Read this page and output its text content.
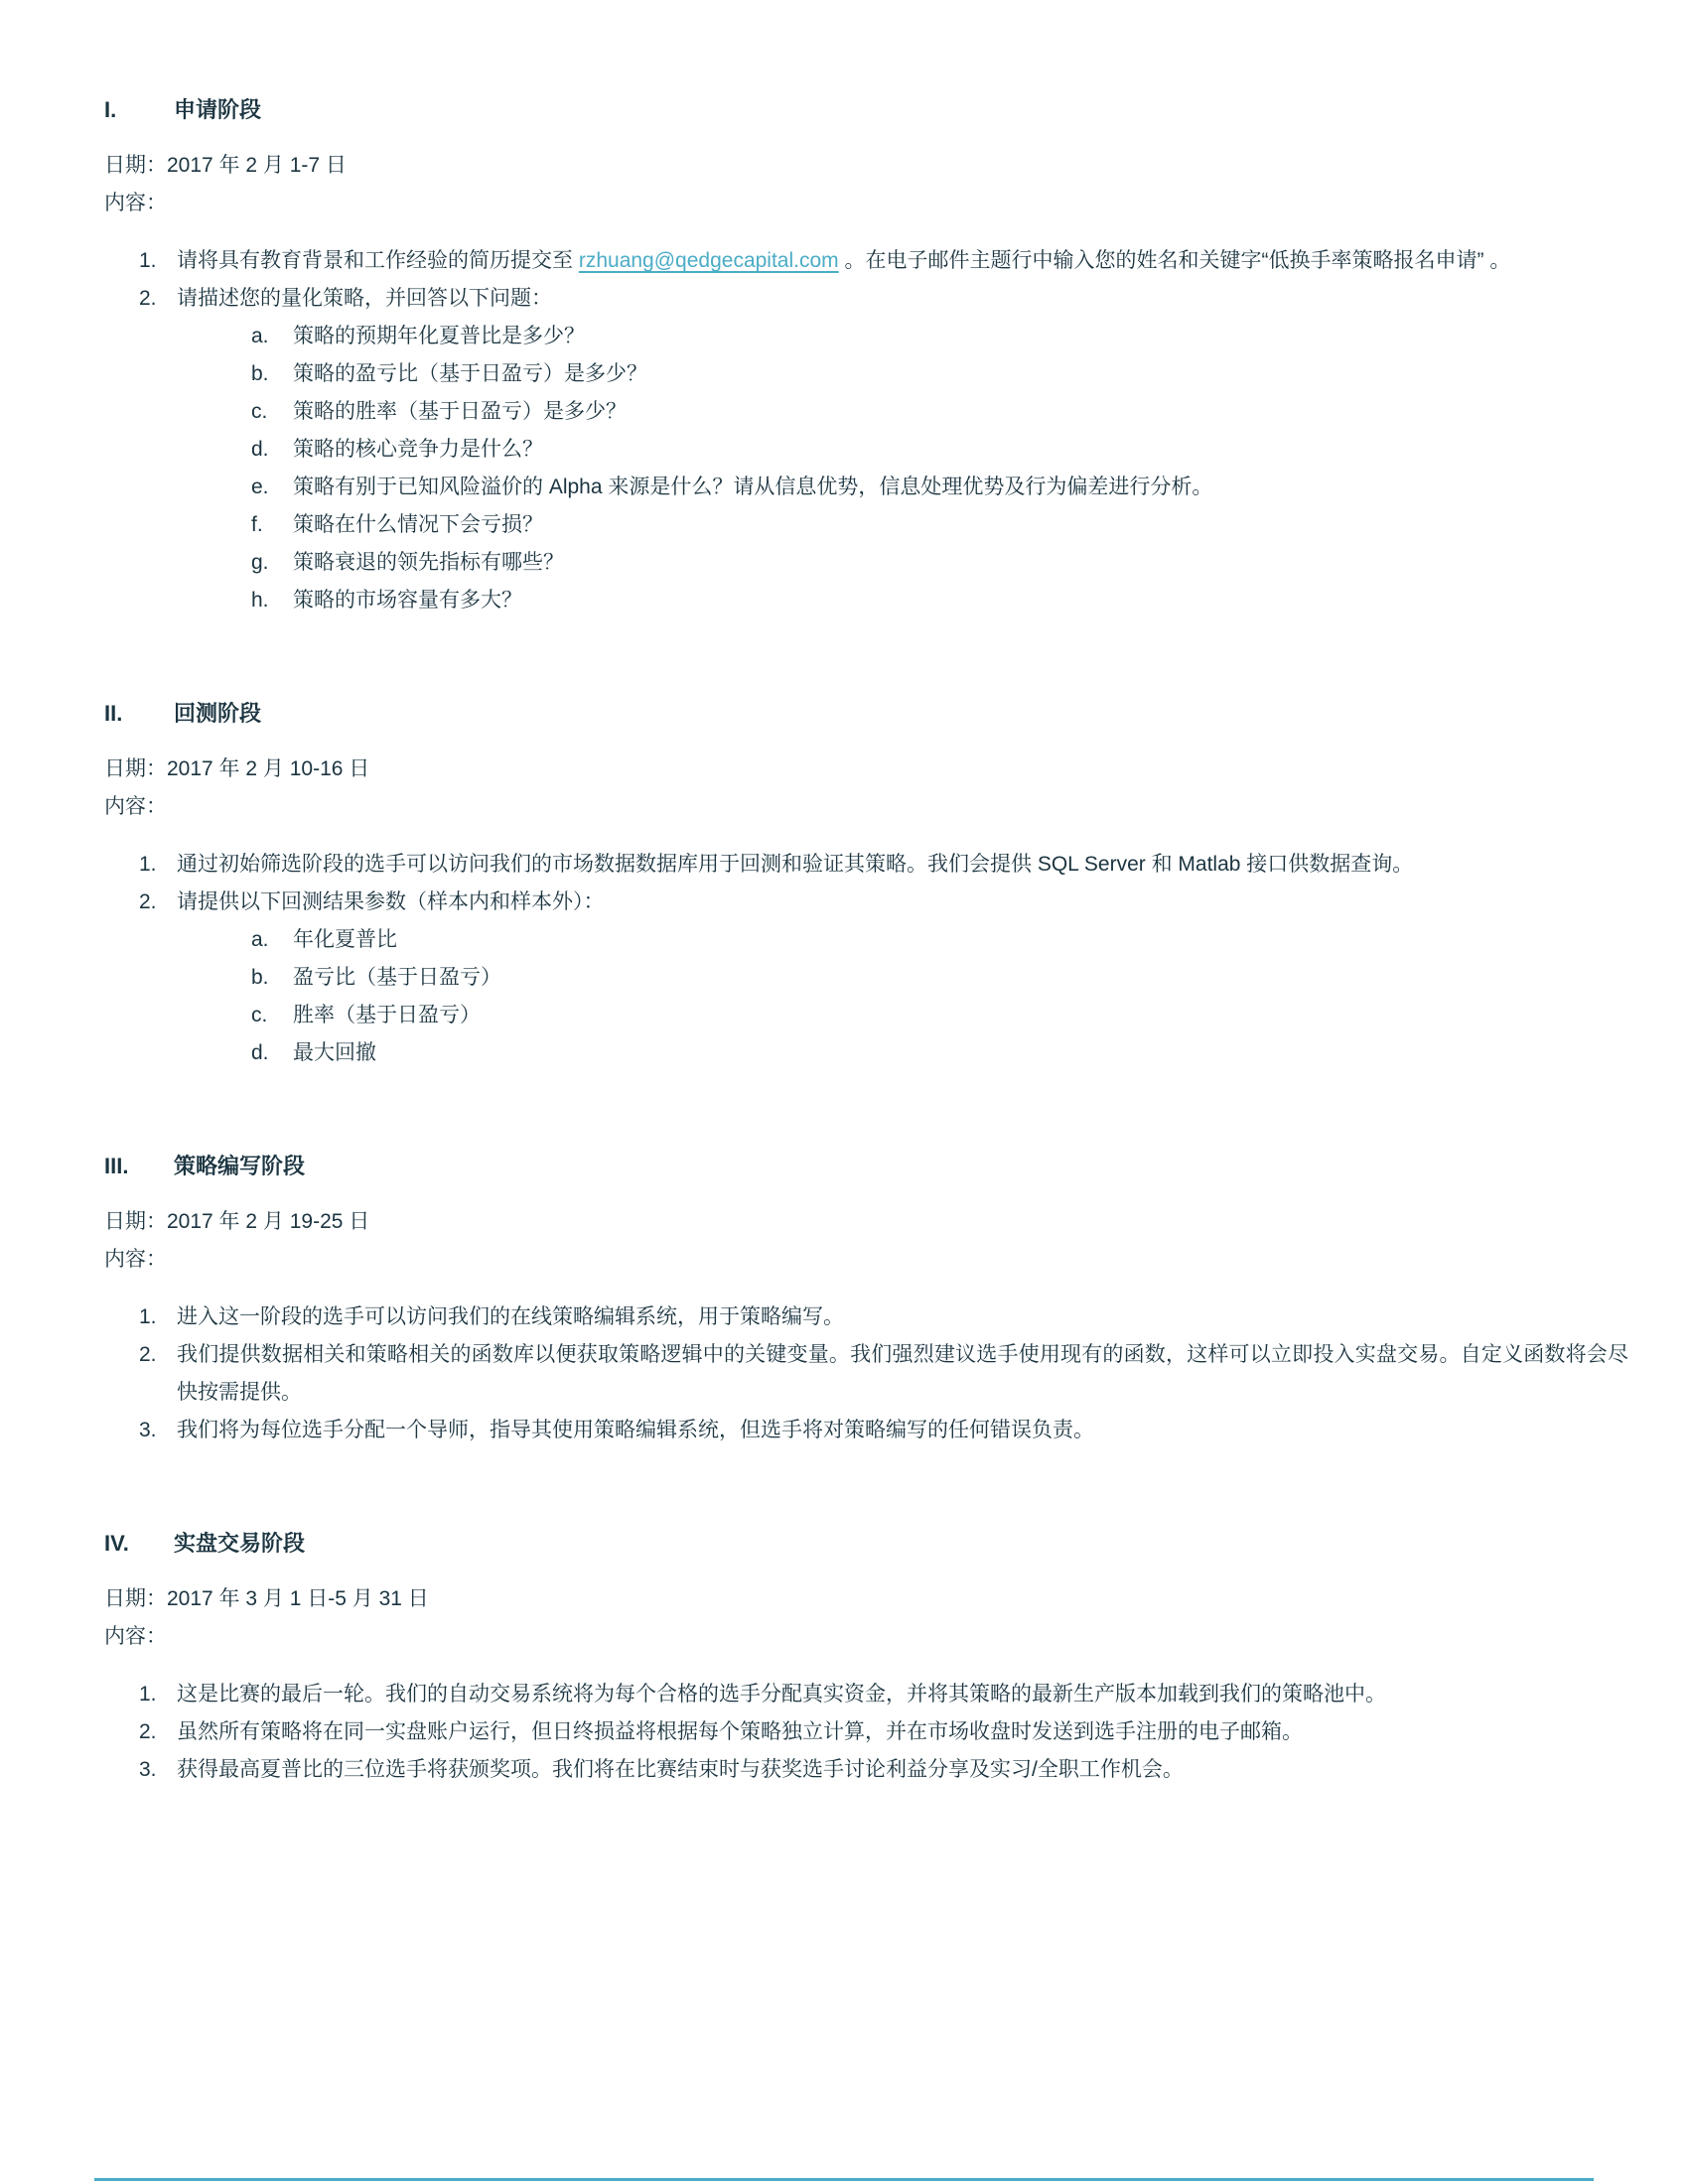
I.	申请阶段

日期：2017 年 2 月 1-7 日

内容：

1. 请将具有教育背景和工作经验的简历提交至 rzhuang@qedgecapital.com 。在电子邮件主题行中输入您的姓名和关键字“低换手率策略报名申请” 。
2. 请描述您的量化策略，并回答以下问题：
a. 策略的预期年化夏普比是多少？
b. 策略的盈亏比（基于日盈亏）是多少？
c. 策略的胜率（基于日盈亏）是多少？
d. 策略的核心竞争力是什么？
e. 策略有别于已知风险溢价的 Alpha 来源是什么？请从信息优势，信息处理优势及行为偏差进行分析。
f. 策略在什么情况下会亏损？
g. 策略衰退的领先指标有哪些？
h. 策略的市场容量有多大？
II. 回测阶段

日期：2017 年 2 月 10-16 日

内容：

1. 通过初始筛选阶段的选手可以访问我们的市场数据数据库用于回测和验证其策略。我们会提供 SQL Server 和 Matlab 接口供数据查询。
2. 请提供以下回测结果参数（样本内和样本外）：
a. 年化夏普比
b. 盈亏比（基于日盈亏）
c. 胜率（基于日盈亏）
d. 最大回撤
III. 策略编写阶段

日期：2017 年 2 月 19-25 日

内容：

1. 进入这一阶段的选手可以访问我们的在线策略编辑系统，用于策略编写。
2. 我们提供数据相关和策略相关的函数库以便获取策略逻辑中的关键变量。我们强烈建议选手使用现有的函数，这样可以立即投入实盘交易。自定义函数将会尽快按需提供。
3. 我们将为每位选手分配一个导师，指导其使用策略编辑系统，但选手将对策略编写的任何错误负责。
IV. 实盘交易阶段

日期：2017 年 3 月 1 日-5 月 31 日

内容：

1. 这是比赛的最后一轮。我们的自动交易系统将为每个合格的选手分配真实资金，并将其策略的最新生产版本加载到我们的策略池中。
2. 虽然所有策略将在同一实盘账户运行，但日终损益将根据每个策略独立计算，并在市场收盘时发送到选手注册的电子邮箱。
3. 获得最高夏普比的三位选手将获颁奖项。我们将在比赛结束时与获奖选手讨论利益分享及实习/全职工作机会。
